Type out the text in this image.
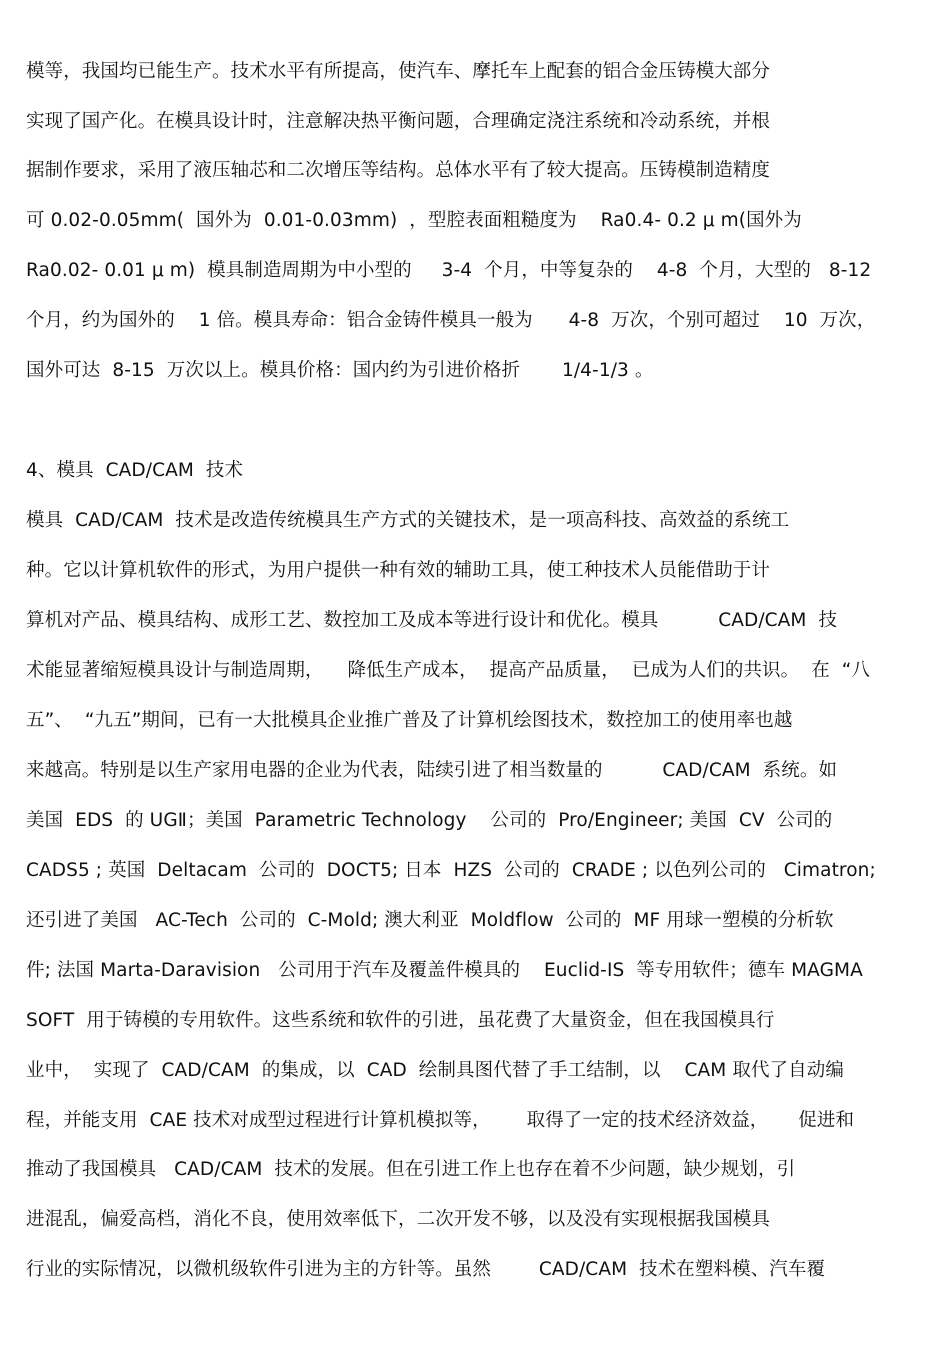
模等，我国均已能生产。技术水平有所提高，使汽车、摩托车上配套的铝合金压铸模大部分
实现了国产化。在模具设计时，注意解决热平衡问题，合理确定浇注系统和冷动系统，并根
据制作要求，采用了液压轴芯和二次增压等结构。总体水平有了较大提高。压铸模制造精度
可 0.02-0.05mm(  国外为  0.01-0.03mm)  ，型腔表面粗糙度为    Ra0.4- 0.2 μ m(国外为
Ra0.02- 0.01 μ m)  模具制造周期为中小型的     3-4  个月，中等复杂的    4-8  个月，大型的   8-12
个月，约为国外的    1 倍。模具寿命：铝合金铸件模具一般为      4-8  万次，个别可超过    10  万次，
国外可达  8-15  万次以上。模具价格：国内约为引进价格折       1/4-1/3 。
4、模具  CAD/CAM  技术
模具  CAD/CAM  技术是改造传统模具生产方式的关键技术，是一项高科技、高效益的系统工
种。它以计算机软件的形式，为用户提供一种有效的辅助工具，使工种技术人员能借助于计
算机对产品、模具结构、成形工艺、数控加工及成本等进行设计和优化。模具          CAD/CAM  技
术能显著缩短模具设计与制造周期，    降低生产成本，  提高产品质量，  已成为人们的共识。  在  “八
五”、  “九五”期间，已有一大批模具企业推广普及了计算机绘图技术，数控加工的使用率也越
来越高。特别是以生产家用电器的企业为代表，陆续引进了相当数量的          CAD/CAM  系统。如
美国  EDS  的 UGⅡ；美国  Parametric Technology    公司的  Pro/Engineer; 美国  CV  公司的
CADS5 ; 英国  Deltacam  公司的  DOCT5; 日本  HZS  公司的  CRADE ; 以色列公司的   Cimatron;
还引进了美国   AC-Tech  公司的  C-Mold; 澳大利亚  Moldflow  公司的  MF 用球一塑模的分析软
件; 法国 Marta-Daravision   公司用于汽车及覆盖件模具的    Euclid-IS  等专用软件；德车 MAGMA
SOFT  用于铸模的专用软件。这些系统和软件的引进，虽花费了大量资金，但在我国模具行
业中，  实现了  CAD/CAM  的集成，以  CAD  绘制具图代替了手工结制，以    CAM 取代了自动编
程，并能支用  CAE 技术对成型过程进行计算机模拟等，      取得了一定的技术经济效益，     促进和
推动了我国模具   CAD/CAM  技术的发展。但在引进工作上也存在着不少问题，缺少规划，引
进混乱，偏爱高档，消化不良，使用效率低下，二次开发不够，以及没有实现根据我国模具
行业的实际情况，以微机级软件引进为主的方针等。虽然        CAD/CAM  技术在塑料模、汽车覆
